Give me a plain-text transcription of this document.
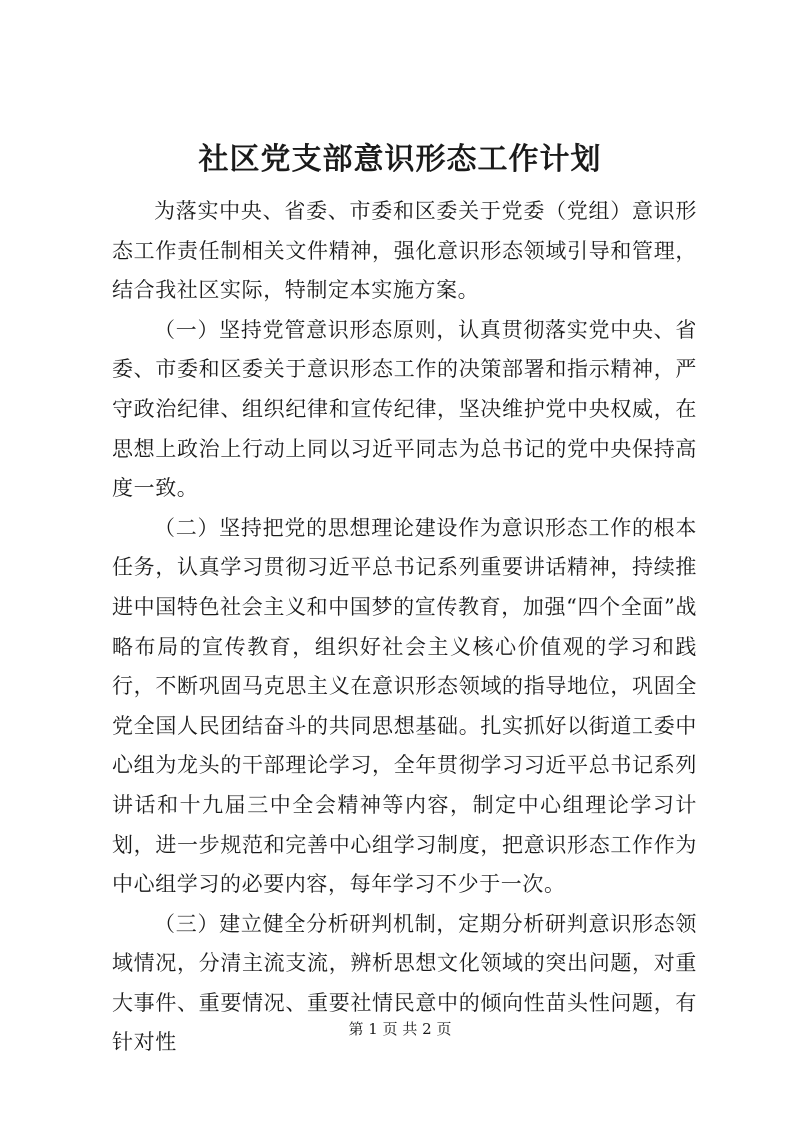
社区党支部意识形态工作计划

为落实中央、省委、市委和区委关于党委（党组）意识形态工作责任制相关文件精神，强化意识形态领域引导和管理，结合我社区实际，特制定本实施方案。

（一）坚持党管意识形态原则，认真贯彻落实党中央、省委、市委和区委关于意识形态工作的决策部署和指示精神，严守政治纪律、组织纪律和宣传纪律，坚决维护党中央权威，在思想上政治上行动上同以习近平同志为总书记的党中央保持高度一致。

（二）坚持把党的思想理论建设作为意识形态工作的根本任务，认真学习贯彻习近平总书记系列重要讲话精神，持续推进中国特色社会主义和中国梦的宣传教育，加强“四个全面”战略布局的宣传教育，组织好社会主义核心价值观的学习和践行，不断巩固马克思主义在意识形态领域的指导地位，巩固全党全国人民团结奋斗的共同思想基础。扎实抓好以街道工委中心组为龙头的干部理论学习，全年贯彻学习习近平总书记系列讲话和十九届三中全会精神等内容，制定中心组理论学习计划，进一步规范和完善中心组学习制度，把意识形态工作作为中心组学习的必要内容，每年学习不少于一次。

（三）建立健全分析研判机制，定期分析研判意识形态领域情况，分清主流支流，辨析思想文化领域的突出问题，对重大事件、重要情况、重要社情民意中的倾向性苗头性问题，有针对性

第 1 页 共 2 页
